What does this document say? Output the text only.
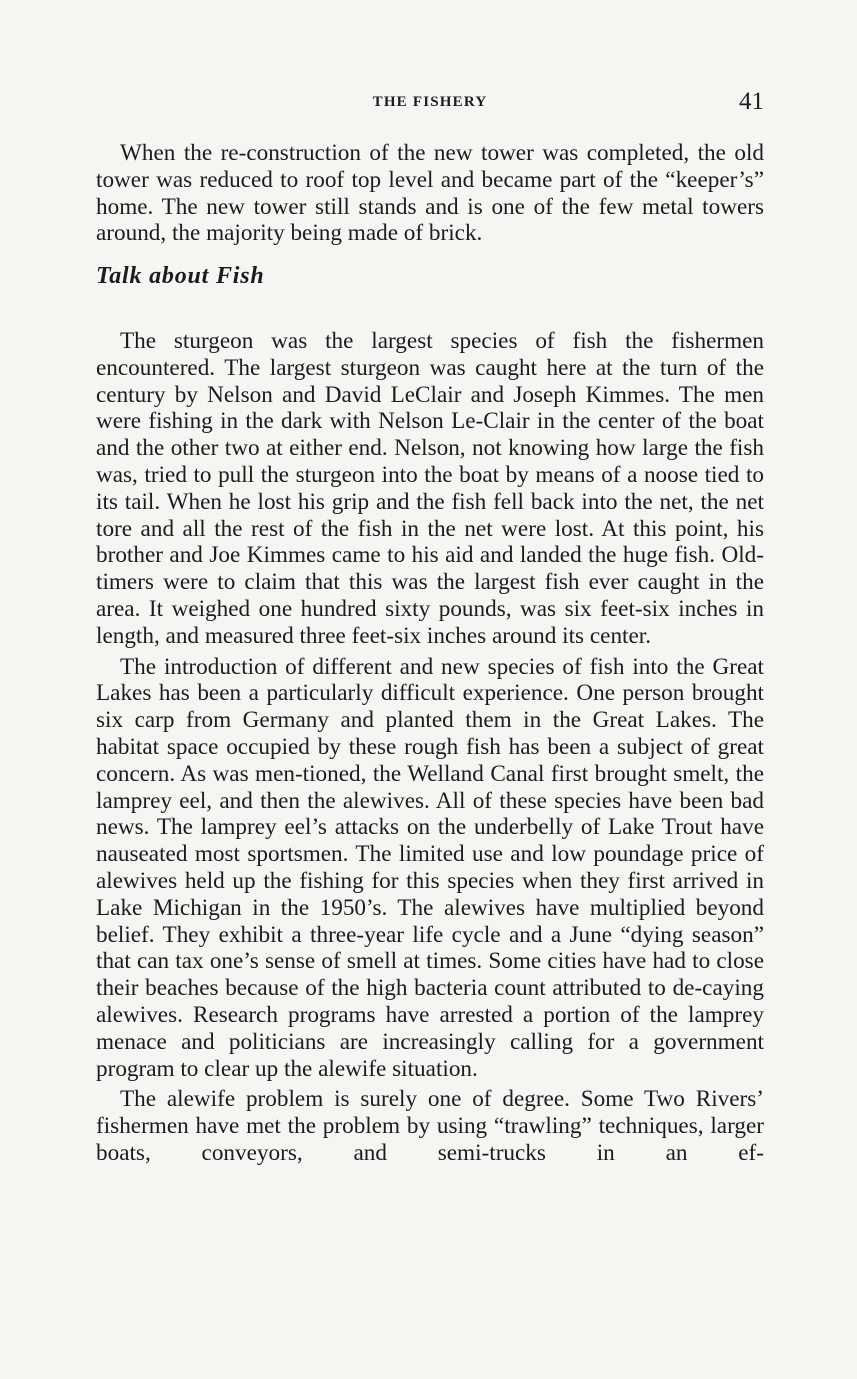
THE FISHERY	41

When the re-construction of the new tower was completed, the old tower was reduced to roof top level and became part of the “keeper’s” home. The new tower still stands and is one of the few metal towers around, the majority being made of brick.

Talk about Fish

The sturgeon was the largest species of fish the fishermen encountered. The largest sturgeon was caught here at the turn of the century by Nelson and David LeClair and Joseph Kimmes. The men were fishing in the dark with Nelson Le-Clair in the center of the boat and the other two at either end. Nelson, not knowing how large the fish was, tried to pull the sturgeon into the boat by means of a noose tied to its tail. When he lost his grip and the fish fell back into the net, the net tore and all the rest of the fish in the net were lost. At this point, his brother and Joe Kimmes came to his aid and landed the huge fish. Old-timers were to claim that this was the largest fish ever caught in the area. It weighed one hundred sixty pounds, was six feet-six inches in length, and measured three feet-six inches around its center.

The introduction of different and new species of fish into the Great Lakes has been a particularly difficult experience. One person brought six carp from Germany and planted them in the Great Lakes. The habitat space occupied by these rough fish has been a subject of great concern. As was men-tioned, the Welland Canal first brought smelt, the lamprey eel, and then the alewives. All of these species have been bad news. The lamprey eel’s attacks on the underbelly of Lake Trout have nauseated most sportsmen. The limited use and low poundage price of alewives held up the fishing for this species when they first arrived in Lake Michigan in the 1950’s. The alewives have multiplied beyond belief. They exhibit a three-year life cycle and a June “dying season” that can tax one’s sense of smell at times. Some cities have had to close their beaches because of the high bacteria count attributed to de-caying alewives. Research programs have arrested a portion of the lamprey menace and politicians are increasingly calling for a government program to clear up the alewife situation.

The alewife problem is surely one of degree. Some Two Rivers’ fishermen have met the problem by using “trawling” techniques, larger boats, conveyors, and semi-trucks in an ef-
